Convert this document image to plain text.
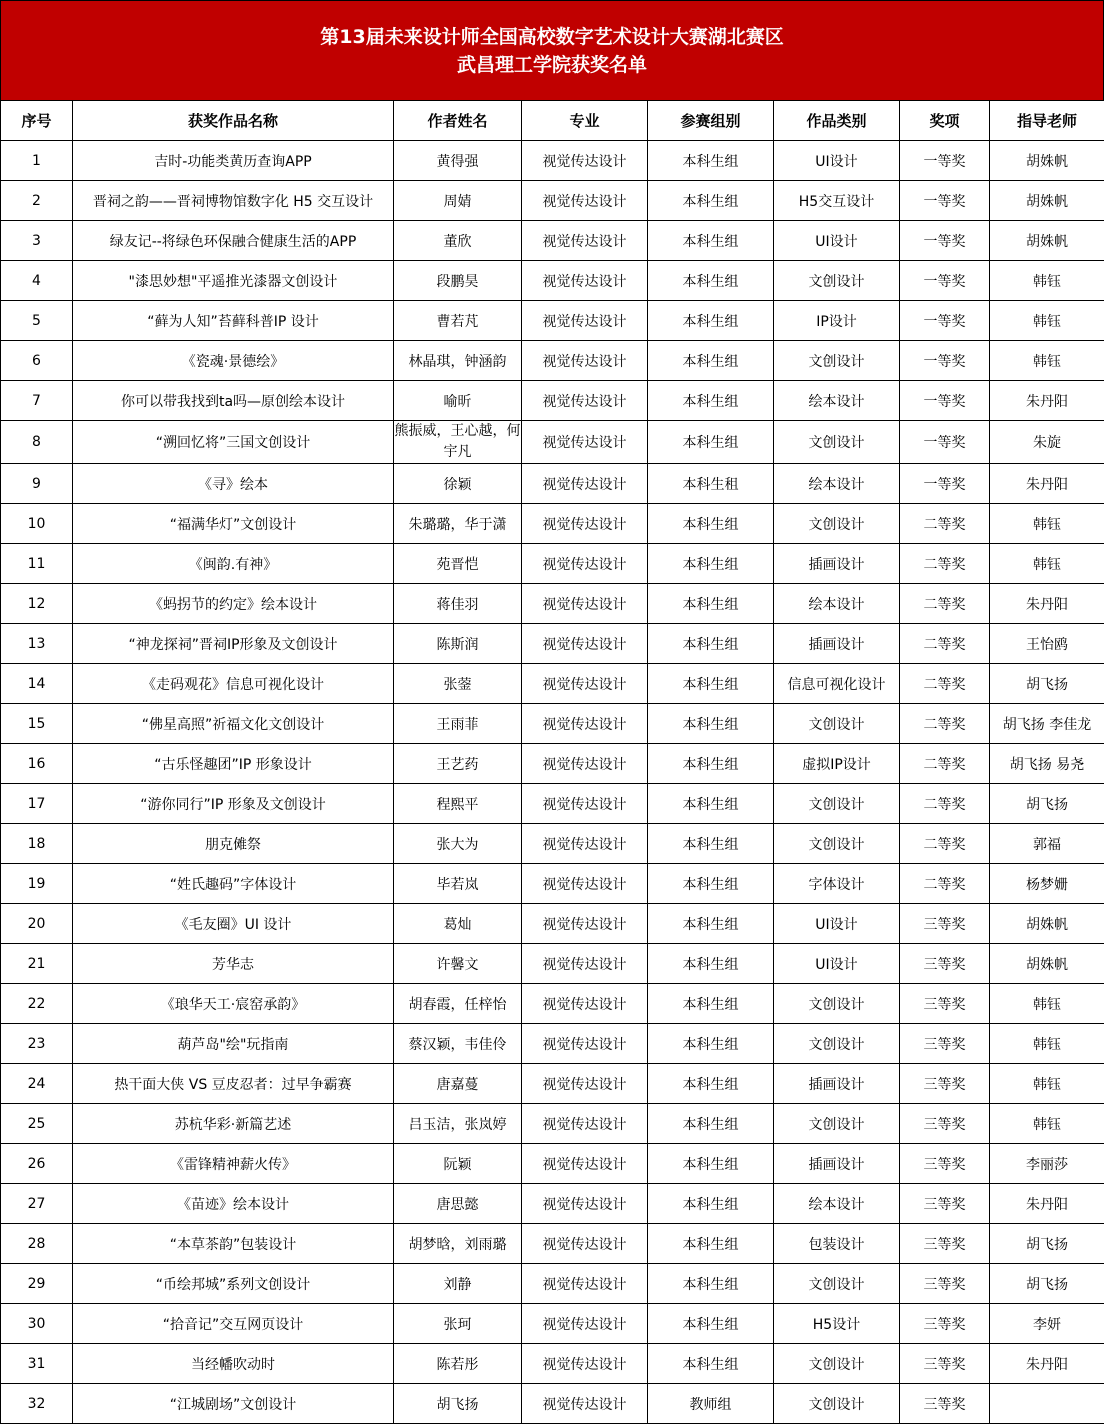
第13届未来设计师全国高校数字艺术设计大赛湖北赛区
武昌理工学院获奖名单
序号	获奖作品名称	作者姓名	专业	参赛组别	作品类别	奖项	指导老师
1	吉时-功能类黄历查询APP	黄得强	视觉传达设计	本科生组	UI设计	一等奖	胡姝帆
2	晋祠之韵——晋祠博物馆数字化 H5 交互设计	周婧	视觉传达设计	本科生组	H5交互设计	一等奖	胡姝帆
3	绿友记--将绿色环保融合健康生活的APP	董欣	视觉传达设计	本科生组	UI设计	一等奖	胡姝帆
4	"漆思妙想"平遥推光漆器文创设计	段鹏昊	视觉传达设计	本科生组	文创设计	一等奖	韩钰
5	“藓为人知”苔藓科普IP 设计	曹若芃	视觉传达设计	本科生组	IP设计	一等奖	韩钰
6	《瓷魂·景德绘》	林晶琪，钟涵韵	视觉传达设计	本科生组	文创设计	一等奖	韩钰
7	你可以带我找到ta吗—原创绘本设计	喻昕	视觉传达设计	本科生组	绘本设计	一等奖	朱丹阳
8	“溯回忆将”三国文创设计	熊振威，王心越，何宇凡	视觉传达设计	本科生组	文创设计	一等奖	朱旋
9	《寻》绘本	徐颖	视觉传达设计	本科生租	绘本设计	一等奖	朱丹阳
10	“福满华灯”文创设计	朱璐璐，华于潇	视觉传达设计	本科生组	文创设计	二等奖	韩钰
11	《闽韵.有神》	苑晋恺	视觉传达设计	本科生组	插画设计	二等奖	韩钰
12	《蚂拐节的约定》绘本设计	蒋佳羽	视觉传达设计	本科生组	绘本设计	二等奖	朱丹阳
13	“神龙探祠”晋祠IP形象及文创设计	陈斯润	视觉传达设计	本科生组	插画设计	二等奖	王怡鸥
14	《走码观花》信息可视化设计	张蓥	视觉传达设计	本科生组	信息可视化设计	二等奖	胡飞扬
15	“佛星高照”祈福文化文创设计	王雨菲	视觉传达设计	本科生组	文创设计	二等奖	胡飞扬 李佳龙
16	“古乐怪趣团”IP 形象设计	王艺药	视觉传达设计	本科生组	虚拟IP设计	二等奖	胡飞扬 易尧
17	“游你同行”IP 形象及文创设计	程熙平	视觉传达设计	本科生组	文创设计	二等奖	胡飞扬
18	朋克傩祭	张大为	视觉传达设计	本科生组	文创设计	二等奖	郭福
19	“姓氏趣码”字体设计	毕若岚	视觉传达设计	本科生组	字体设计	二等奖	杨梦姗
20	《毛友圈》UI 设计	葛灿	视觉传达设计	本科生组	UI设计	三等奖	胡姝帆
21	芳华志	许馨文	视觉传达设计	本科生组	UI设计	三等奖	胡姝帆
22	《琅华天工·宸窑承韵》	胡春霞，任梓怡	视觉传达设计	本科生组	文创设计	三等奖	韩钰
23	葫芦岛"绘"玩指南	蔡汉颖，韦佳伶	视觉传达设计	本科生组	文创设计	三等奖	韩钰
24	热干面大侠 VS 豆皮忍者：过早争霸赛	唐嘉蔓	视觉传达设计	本科生组	插画设计	三等奖	韩钰
25	苏杭华彩·新篇艺述	吕玉洁，张岚婷	视觉传达设计	本科生组	文创设计	三等奖	韩钰
26	《雷锋精神薪火传》	阮颖	视觉传达设计	本科生组	插画设计	三等奖	李丽莎
27	《苗迹》绘本设计	唐思懿	视觉传达设计	本科生组	绘本设计	三等奖	朱丹阳
28	“本草茶韵”包装设计	胡梦晗，刘雨璐	视觉传达设计	本科生组	包装设计	三等奖	胡飞扬
29	“币绘邦城”系列文创设计	刘静	视觉传达设计	本科生组	文创设计	三等奖	胡飞扬
30	“拾音记”交互网页设计	张珂	视觉传达设计	本科生组	H5设计	三等奖	李妍
31	当经幡吹动时	陈若彤	视觉传达设计	本科生组	文创设计	三等奖	朱丹阳
32	“江城剧场”文创设计	胡飞扬	视觉传达设计	教师组	文创设计	三等奖	
